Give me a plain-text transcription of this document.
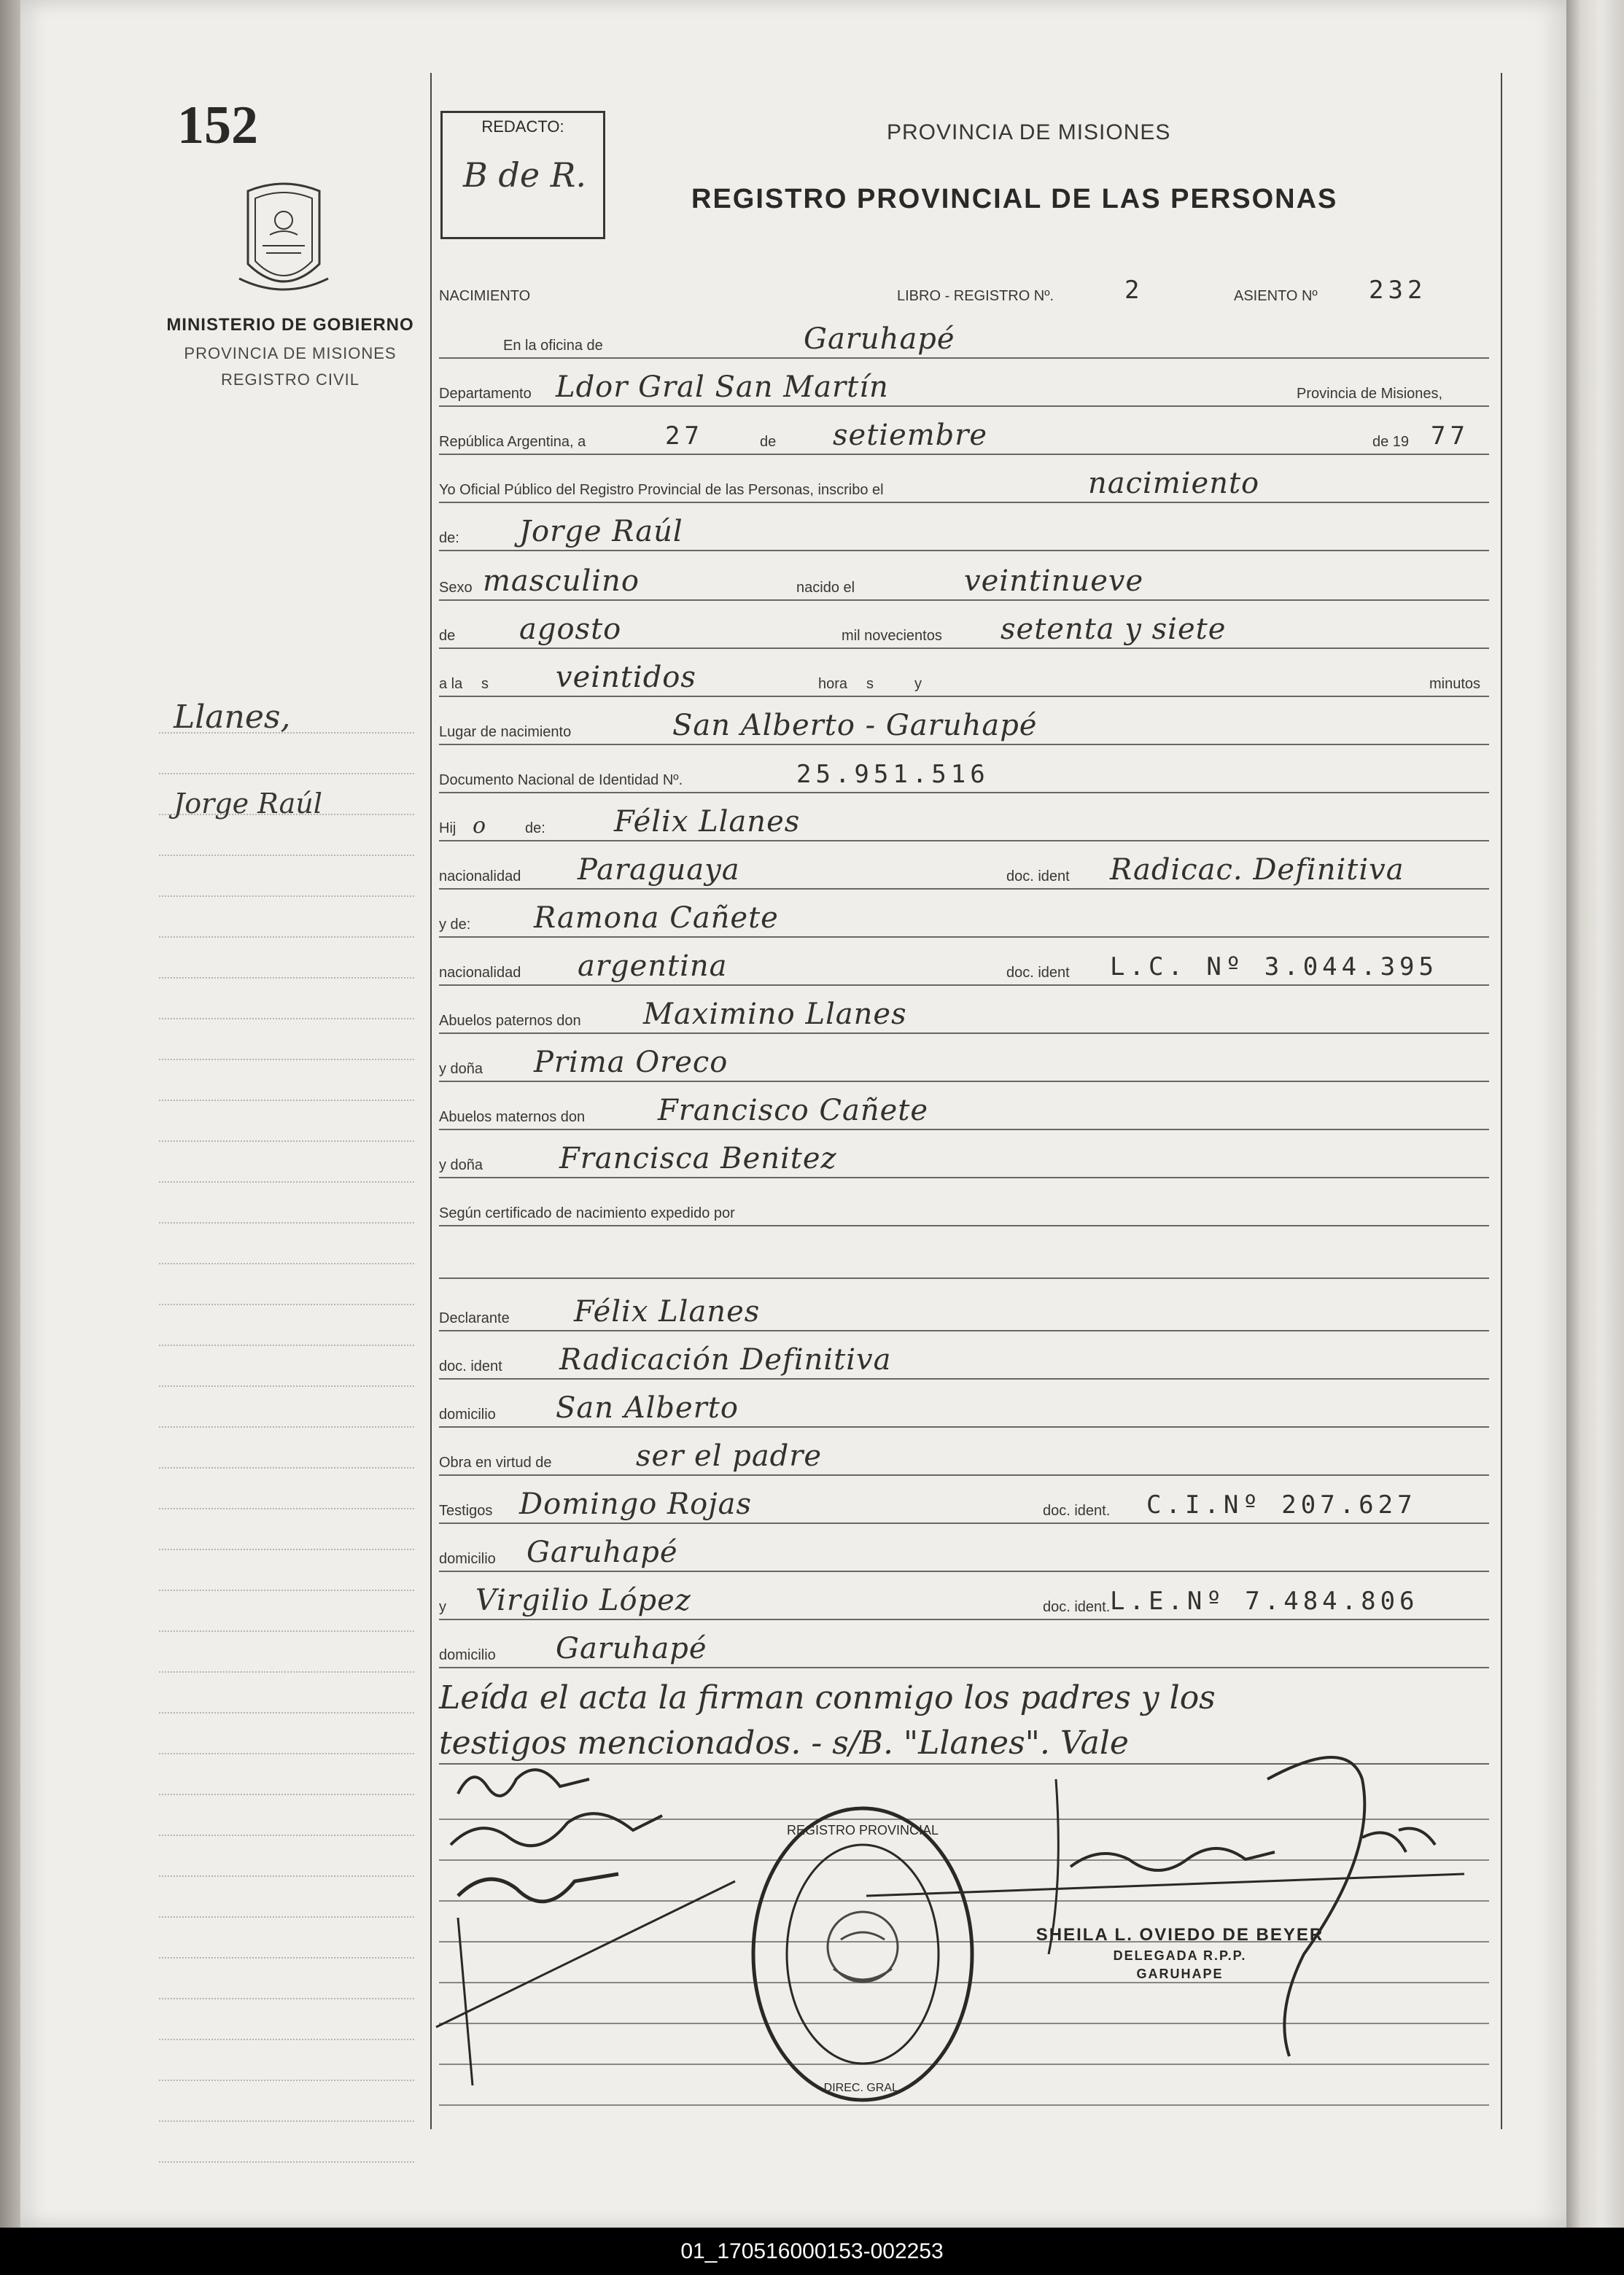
152
MINISTERIO DE GOBIERNO
PROVINCIA DE MISIONES
REGISTRO CIVIL
Llanes,
Jorge Raúl
REDACTO:
B de R.
PROVINCIA DE MISIONES
REGISTRO PROVINCIAL DE LAS PERSONAS
NACIMIENTO	LIBRO - REGISTRO Nº.	2	ASIENTO Nº 232
En la oficina de	Garuhapé
Departamento Ldor Gral San Martín	Provincia de Misiones,
República Argentina, a	27	de setiembre	de 19 77
Yo Oficial Público del Registro Provincial de las Personas, inscribo el	nacimiento
de: Jorge Raúl
Sexo masculino	nacido el	veintinueve
de agosto	mil novecientos setenta y siete
a la s veintidos	hora s	y	minutos
Lugar de nacimiento	San Alberto - Garuhapé
Documento Nacional de Identidad Nº.	25.951.516
Hij o	de: Félix Llanes
nacionalidad Paraguaya	doc. ident Radicac. Definitiva
y de: Ramona Cañete
nacionalidad argentina	doc. ident L.C. Nº 3.044.395
Abuelos paternos don Maximino Llanes
y doña Prima Oreco
Abuelos maternos don Francisco Cañete
y doña	Francisca Benitez
Según certificado de nacimiento expedido por
Declarante Félix Llanes
doc. ident Radicación Definitiva
domicilio San Alberto
Obra en virtud de	ser el padre
Testigos Domingo Rojas	doc. ident. C.I.Nº 207.627
domicilio Garuhapé
y Virgilio López	doc. ident. L.E.Nº 7.484.806
domicilio Garuhapé
Leída el acta la firman conmigo los padres y los
testigos mencionados. - s/B. "Llanes". Vale
REGISTRO PROVINCIAL
DIREC. GRAL.
SHEILA L. OVIEDO DE BEYER
DELEGADA R.P.P.
GARUHAPE
01_170516000153-002253
